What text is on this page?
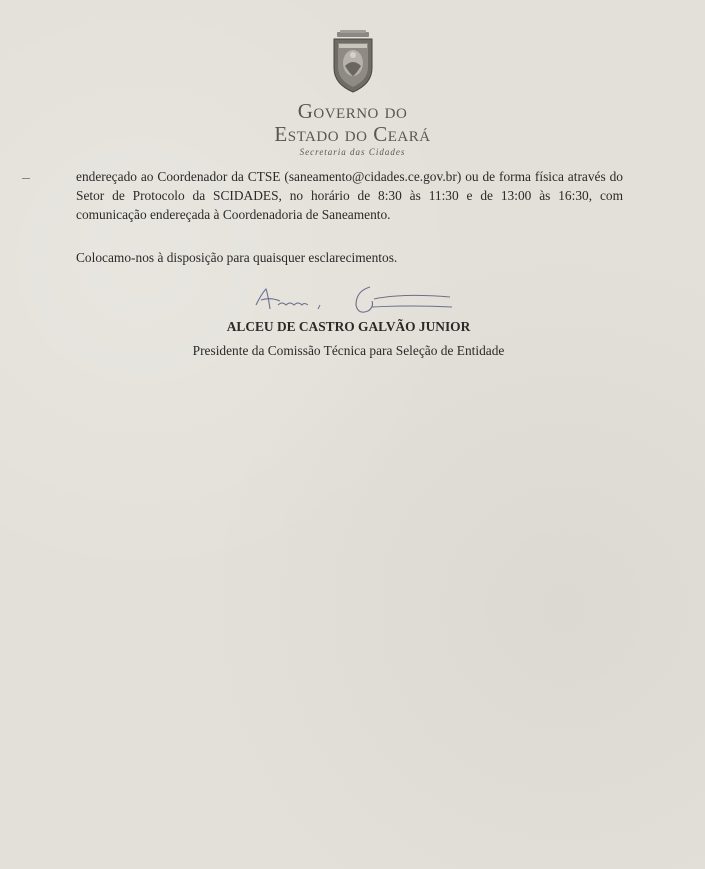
Governo do
Estado do Ceará
Secretaria das Cidades
endereçado ao Coordenador da CTSE (saneamento@cidades.ce.gov.br) ou de forma física através do Setor de Protocolo da SCIDADES, no horário de 8:30 às 11:30 e de 13:00 às 16:30, com comunicação endereçada à Coordenadoria de Saneamento.
Colocamo-nos à disposição para quaisquer esclarecimentos.
ALCEU DE CASTRO GALVÃO JUNIOR
Presidente da Comissão Técnica para Seleção de Entidade
